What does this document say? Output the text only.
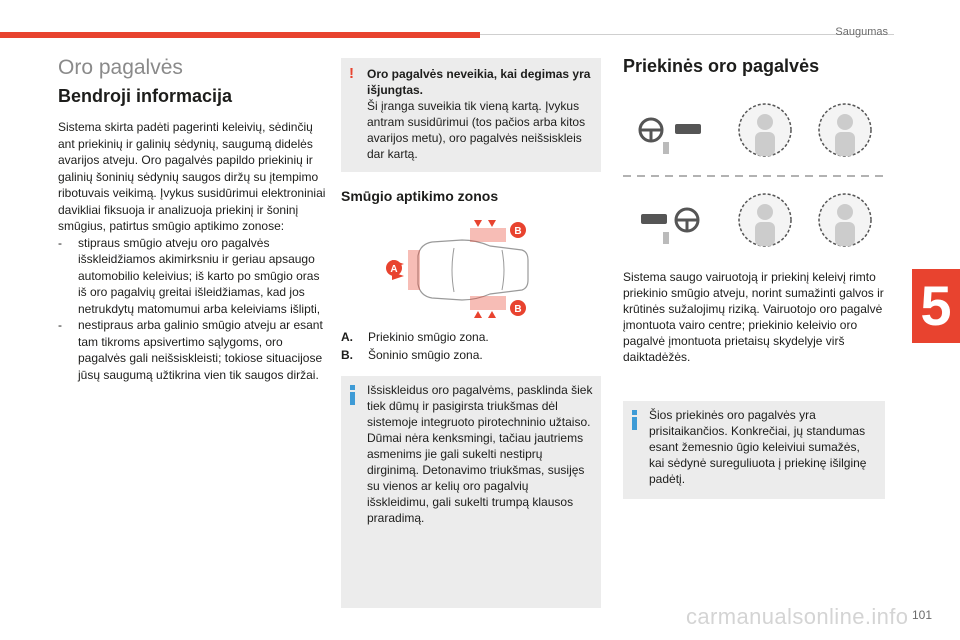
Saugumas
5
carmanualsonline.info 101
Oro pagalvės
Bendroji informacija

Sistema skirta padėti pagerinti keleivių, sėdinčių ant priekinių ir galinių sėdynių, saugumą didelės avarijos atveju. Oro pagalvės papildo priekinių ir galinių šoninių sėdynių saugos diržų su įtempimo ribotuvais veikimą. Įvykus susidūrimui elektroniniai davikliai fiksuoja ir analizuoja priekinį ir šoninį smūgius, patirtus smūgio aptikimo zonose:

- stipraus smūgio atveju oro pagalvės išskleidžiamos akimirksniu ir geriau apsaugo automobilio keleivius; iš karto po smūgio oras iš oro pagalvių greitai išleidžiamas, kad jos netrukdytų matomumui arba keleiviams išlipti,
- nestipraus arba galinio smūgio atveju ar esant tam tikroms apsivertimo sąlygoms, oro pagalvės gali neišsiskleisti; tokiose situacijose jūsų saugumą užtikrina vien tik saugos diržai.
! Oro pagalvės neveikia, kai degimas yra išjungtas.

Ši įranga suveikia tik vieną kartą. Įvykus antram susidūrimui (tos pačios arba kitos avarijos metu), oro pagalvės neišsiskleis dar kartą.

Smūgio aptikimo zonos
A
B
B
A.	Priekinio smūgio zona.
B.	Šoninio smūgio zona.

Išsiskleidus oro pagalvėms, pasklinda šiek tiek dūmų ir pasigirsta triukšmas dėl sistemoje integruoto pirotechninio užtaiso. Dūmai nėra kenksmingi, tačiau jautriems asmenims jie gali sukelti nestiprų dirginimą. Detonavimo triukšmas, susijęs su vienos ar kelių oro pagalvių išskleidimu, gali sukelti trumpą klausos praradimą.

Priekinės oro pagalvės

Sistema saugo vairuotoją ir priekinį keleivį rimto priekinio smūgio atveju, norint sumažinti galvos ir krūtinės sužalojimų riziką. Vairuotojo oro pagalvė įmontuota vairo centre; priekinio keleivio oro pagalvė įmontuota prietaisų skydelyje virš daiktadėžės.

Šios priekinės oro pagalvės yra prisitaikančios. Konkrečiai, jų standumas esant žemesnio ūgio keleiviui sumažės, kai sėdynė sureguliuota į priekinę išilginę padėtį.
